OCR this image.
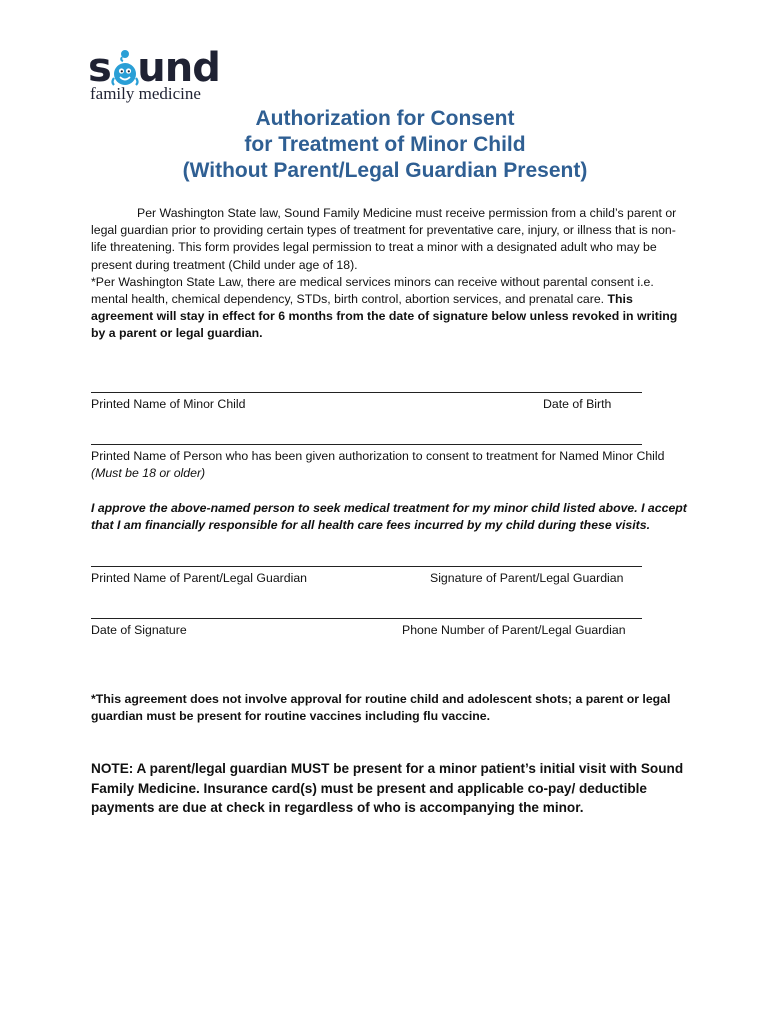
s und
family medicine
Authorization for Consent
for Treatment of Minor Child
(Without Parent/Legal Guardian Present)

Per Washington State law, Sound Family Medicine must receive permission from a child’s parent or legal guardian prior to providing certain types of treatment for preventative care, injury, or illness that is non-life threatening. This form provides legal permission to treat a minor with a designated adult who may be present during treatment (Child under age of 18).

*Per Washington State Law, there are medical services minors can receive without parental consent i.e. mental health, chemical dependency, STDs, birth control, abortion services, and prenatal care. This agreement will stay in effect for 6 months from the date of signature below unless revoked in writing by a parent or legal guardian.

Printed Name of Minor Child	Date of Birth

Printed Name of Person who has been given authorization to consent to treatment for Named Minor Child (Must be 18 or older)

I approve the above-named person to seek medical treatment for my minor child listed above. I accept that I am financially responsible for all health care fees incurred by my child during these visits.
Printed Name of Parent/Legal Guardian	Signature of Parent/Legal Guardian
Date of Signature	Phone Number of Parent/Legal Guardian
*This agreement does not involve approval for routine child and adolescent shots; a parent or legal guardian must be present for routine vaccines including flu vaccine.
NOTE: A parent/legal guardian MUST be present for a minor patient’s initial visit with Sound Family Medicine. Insurance card(s) must be present and applicable co-pay/ deductible payments are due at check in regardless of who is accompanying the minor.
